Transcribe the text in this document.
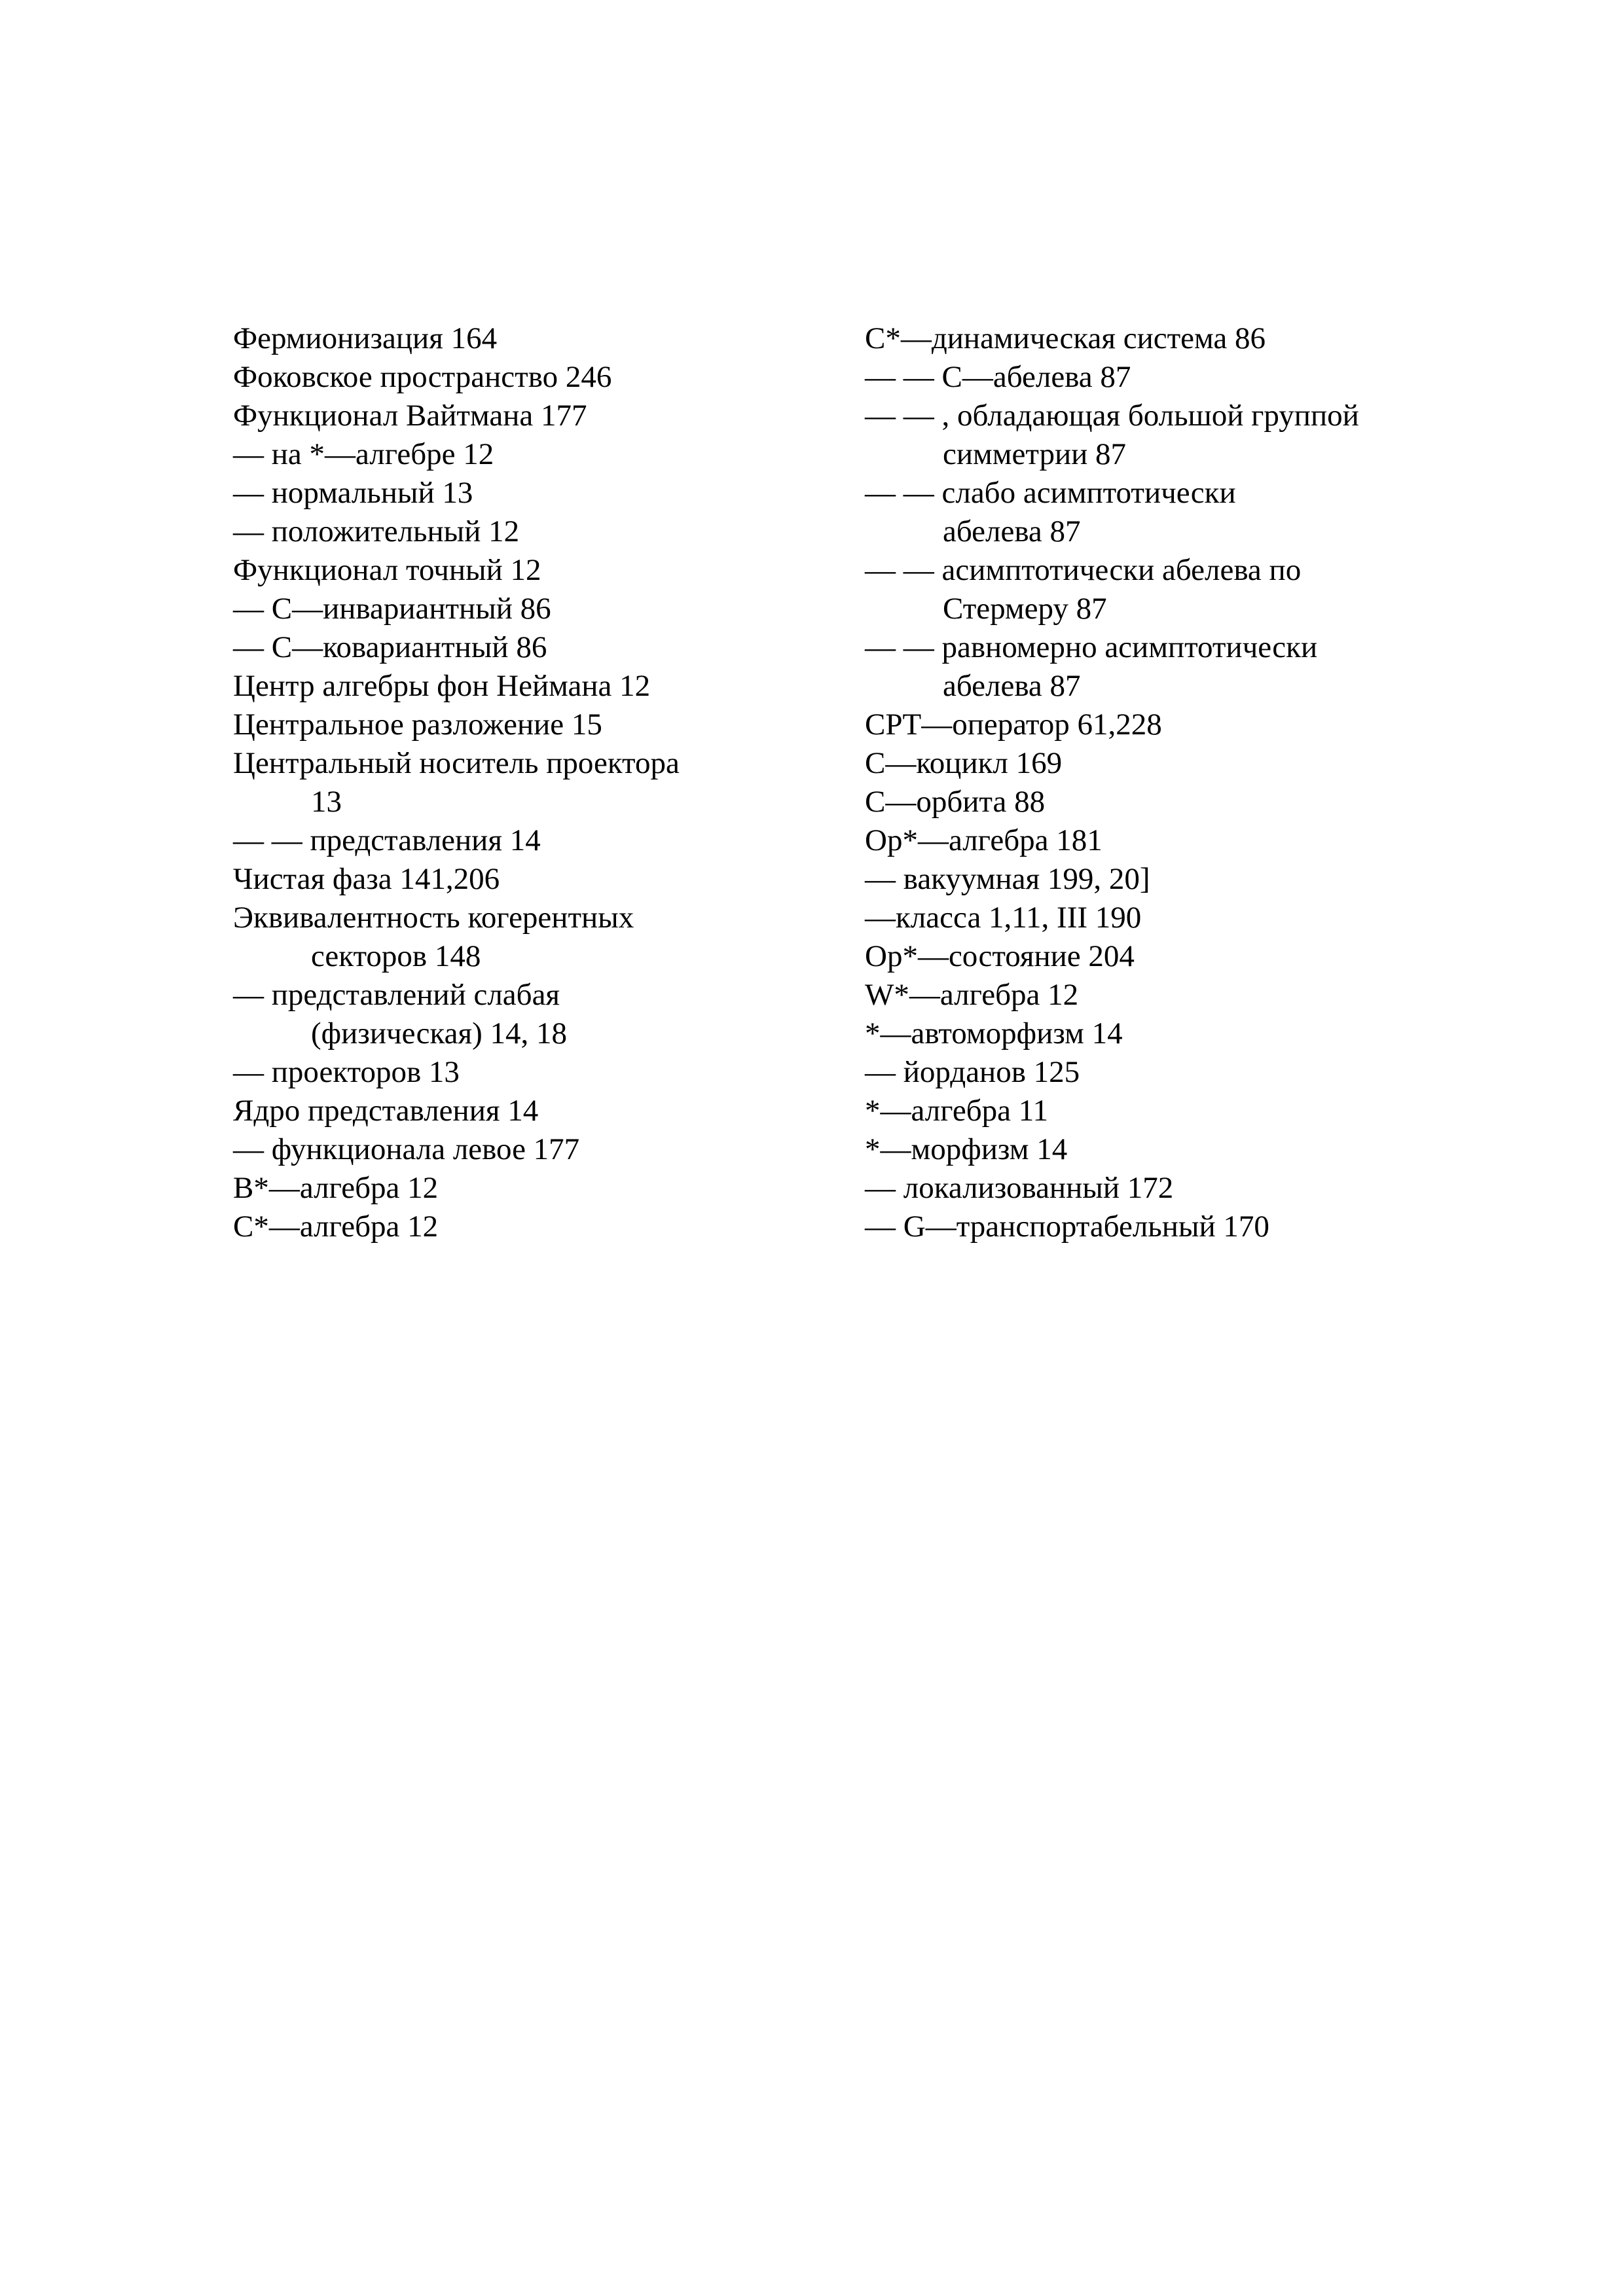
Фермионизация 164
Фоковское пространство 246
Функционал Вайтмана 177
— на *—алгебре 12
— нормальный 13
— положительный 12
Функционал точный 12
— C—инвариантный 86
— C—ковариантный 86
Центр алгебры фон Неймана 12
Центральное разложение 15
Центральный носитель проектора
13
— — представления 14
Чистая фаза 141,206
Эквивалентность когерентных
секторов 148
— представлений слабая
(физическая) 14, 18
— проекторов 13
Ядро представления 14
— функционала левое 177
B*—алгебра 12
C*—алгебра 12
C*—динамическая система 86
— — C—абелева 87
— — , обладающая большой группой
симметрии 87
— — слабо асимптотически
абелева 87
— — асимптотически абелева по
Стермеру 87
— — равномерно асимптотически
абелева 87
CPT—оператор 61,228
C—коцикл 169
C—орбита 88
Op*—алгебра 181
— вакуумная 199, 20]
—класса 1,11, III 190
Op*—состояние 204
W*—алгебра 12
*—автоморфизм 14
— йорданов 125
*—алгебра 11
*—морфизм 14
— локализованный 172
— G—транспортабельный 170
